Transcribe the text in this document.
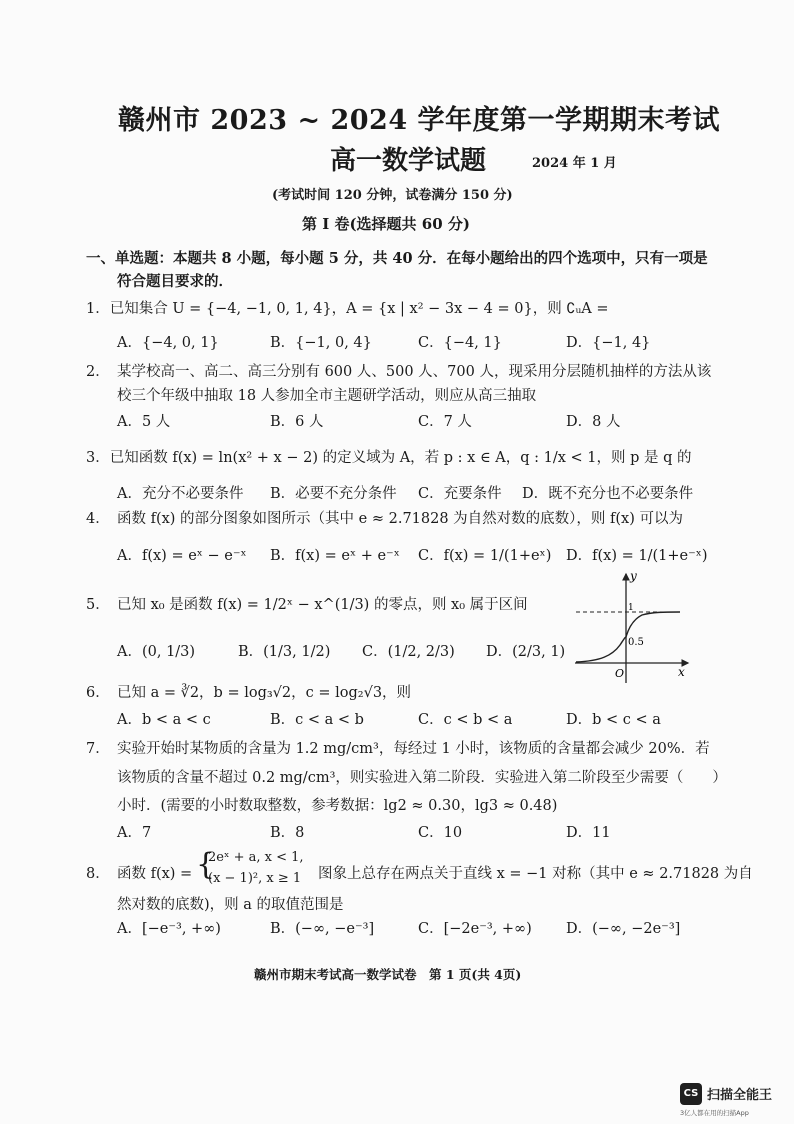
赣州市 2023 ~ 2024 学年度第一学期期末考试
高一数学试题	2024 年 1 月
(考试时间 120 分钟，试卷满分 150 分)
第 I 卷(选择题共 60 分)
一、单选题：本题共 8 小题，每小题 5 分，共 40 分．在每小题给出的四个选项中，只有一项是
符合题目要求的．
1．已知集合 U = {−4, −1, 0, 1, 4}，A = {x | x² − 3x − 4 = 0}，则 ∁ᵤA =
A．{−4, 0, 1}	B．{−1, 0, 4}	C．{−4, 1}	D．{−1, 4}
2．　某学校高一、高二、高三分别有 600 人、500 人、700 人，现采用分层随机抽样的方法从该
校三个年级中抽取 18 人参加全市主题研学活动，则应从高三抽取
A．5 人	B．6 人	C．7 人	D．8 人
3．已知函数 f(x) = ln(x² + x − 2) 的定义域为 A，若 p : x ∈ A，q : 1/x < 1，则 p 是 q 的
A．充分不必要条件 B．必要不充分条件 C．充要条件 D．既不充分也不必要条件
4．　函数 f(x) 的部分图象如图所示（其中 e ≈ 2.71828 为自然对数的底数），则 f(x) 可以为
A．f(x) = eˣ − e⁻ˣ B．f(x) = eˣ + e⁻ˣ C．f(x) = 1/(1+eˣ) D．f(x) = 1/(1+e⁻ˣ)
5．　已知 x₀ 是函数 f(x) = 1/2ˣ − x^(1/3) 的零点，则 x₀ 属于区间
A．(0, 1/3)	B．(1/3, 1/2) C．(1/2, 2/3) D．(2/3, 1)
y
x
O
1
0.5
6．　已知 a = ∛2，b = log₃√2，c = log₂√3，则
A．b < a < c	B．c < a < b	C．c < b < a	D．b < c < a
7．　实验开始时某物质的含量为 1.2 mg/cm³，每经过 1 小时，该物质的含量都会减少 20%．若
该物质的含量不超过 0.2 mg/cm³，则实验进入第二阶段．实验进入第二阶段至少需要（　　）
小时．(需要的小时数取整数，参考数据：lg2 ≈ 0.30，lg3 ≈ 0.48)
A．7	B．8	C．10	D．11
8．　函数 f(x) = {
2eˣ + a, x < 1,
(x − 1)², x ≥ 1 图象上总存在两点关于直线 x = −1 对称（其中 e ≈ 2.71828 为自
然对数的底数)，则 a 的取值范围是
A．[−e⁻³, +∞)	B．(−∞, −e⁻³]	C．[−2e⁻³, +∞) D．(−∞, −2e⁻³]
赣州市期末考试高一数学试卷　第 1 页(共 4页)
CS 扫描全能王
3亿人都在用的扫描App
